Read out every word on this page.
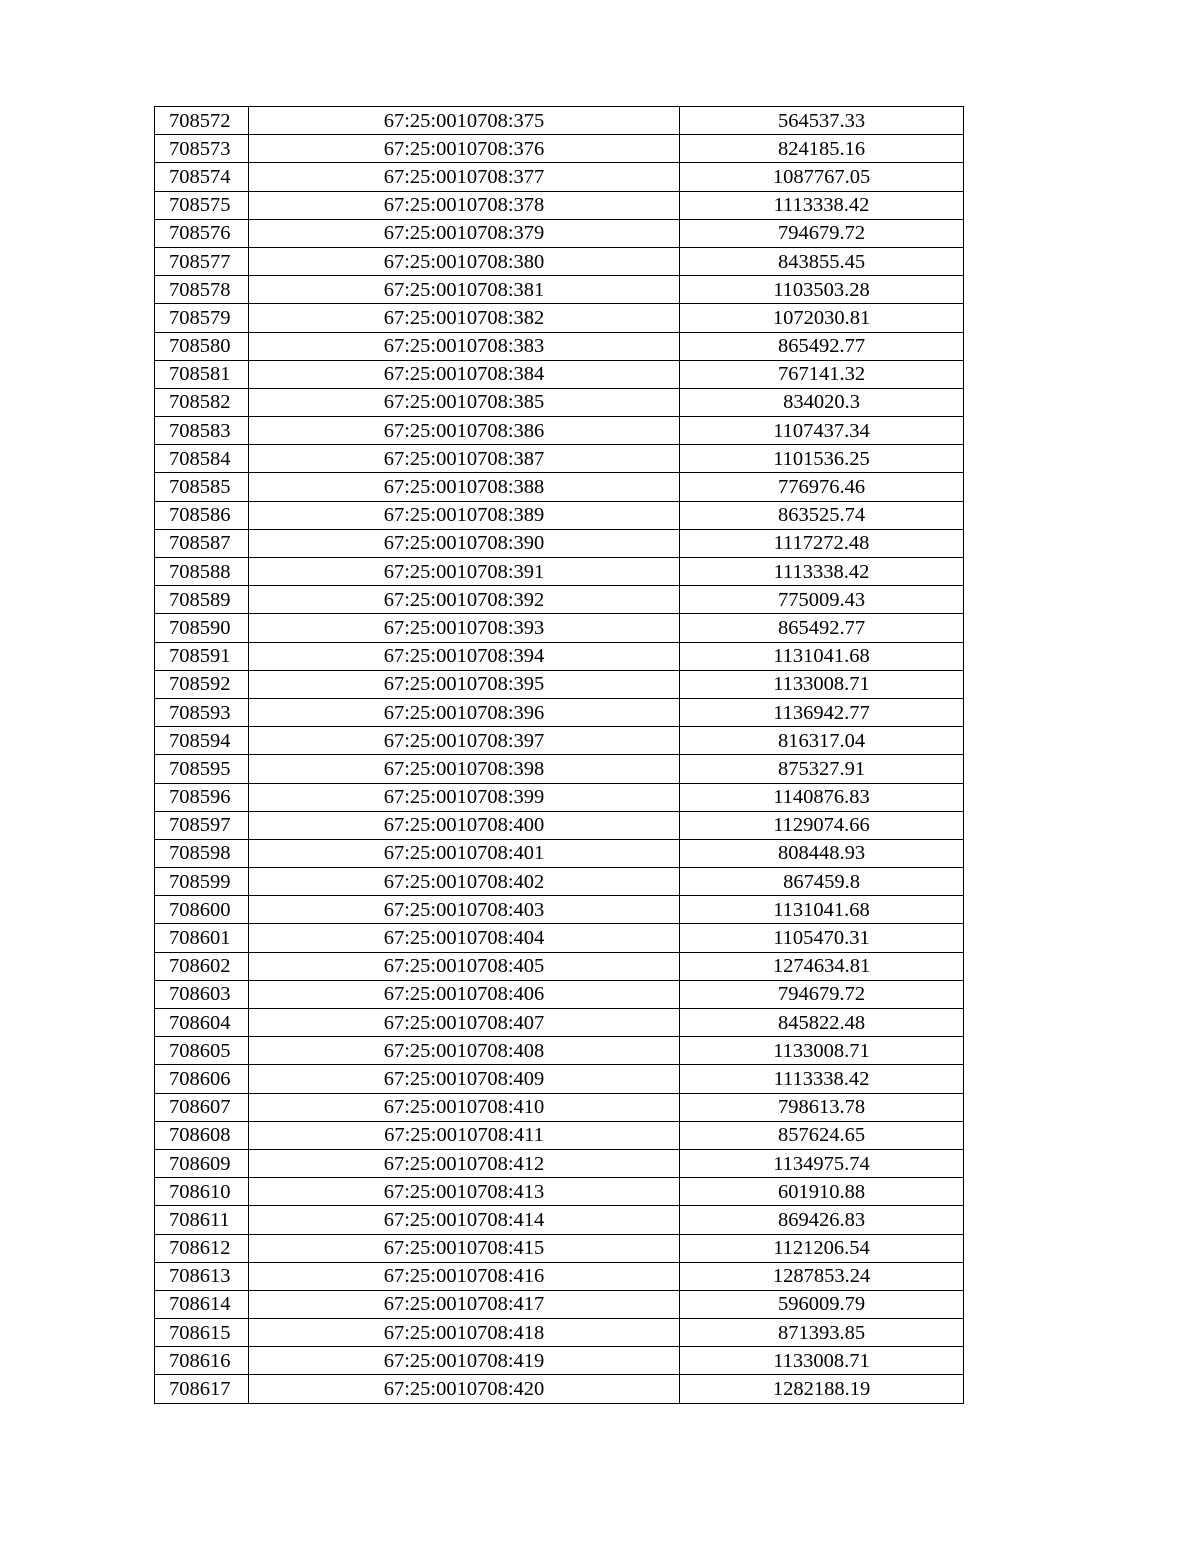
708572	67:25:0010708:375	564537.33
708573	67:25:0010708:376	824185.16
708574	67:25:0010708:377	1087767.05
708575	67:25:0010708:378	1113338.42
708576	67:25:0010708:379	794679.72
708577	67:25:0010708:380	843855.45
708578	67:25:0010708:381	1103503.28
708579	67:25:0010708:382	1072030.81
708580	67:25:0010708:383	865492.77
708581	67:25:0010708:384	767141.32
708582	67:25:0010708:385	834020.3
708583	67:25:0010708:386	1107437.34
708584	67:25:0010708:387	1101536.25
708585	67:25:0010708:388	776976.46
708586	67:25:0010708:389	863525.74
708587	67:25:0010708:390	1117272.48
708588	67:25:0010708:391	1113338.42
708589	67:25:0010708:392	775009.43
708590	67:25:0010708:393	865492.77
708591	67:25:0010708:394	1131041.68
708592	67:25:0010708:395	1133008.71
708593	67:25:0010708:396	1136942.77
708594	67:25:0010708:397	816317.04
708595	67:25:0010708:398	875327.91
708596	67:25:0010708:399	1140876.83
708597	67:25:0010708:400	1129074.66
708598	67:25:0010708:401	808448.93
708599	67:25:0010708:402	867459.8
708600	67:25:0010708:403	1131041.68
708601	67:25:0010708:404	1105470.31
708602	67:25:0010708:405	1274634.81
708603	67:25:0010708:406	794679.72
708604	67:25:0010708:407	845822.48
708605	67:25:0010708:408	1133008.71
708606	67:25:0010708:409	1113338.42
708607	67:25:0010708:410	798613.78
708608	67:25:0010708:411	857624.65
708609	67:25:0010708:412	1134975.74
708610	67:25:0010708:413	601910.88
708611	67:25:0010708:414	869426.83
708612	67:25:0010708:415	1121206.54
708613	67:25:0010708:416	1287853.24
708614	67:25:0010708:417	596009.79
708615	67:25:0010708:418	871393.85
708616	67:25:0010708:419	1133008.71
708617	67:25:0010708:420	1282188.19
